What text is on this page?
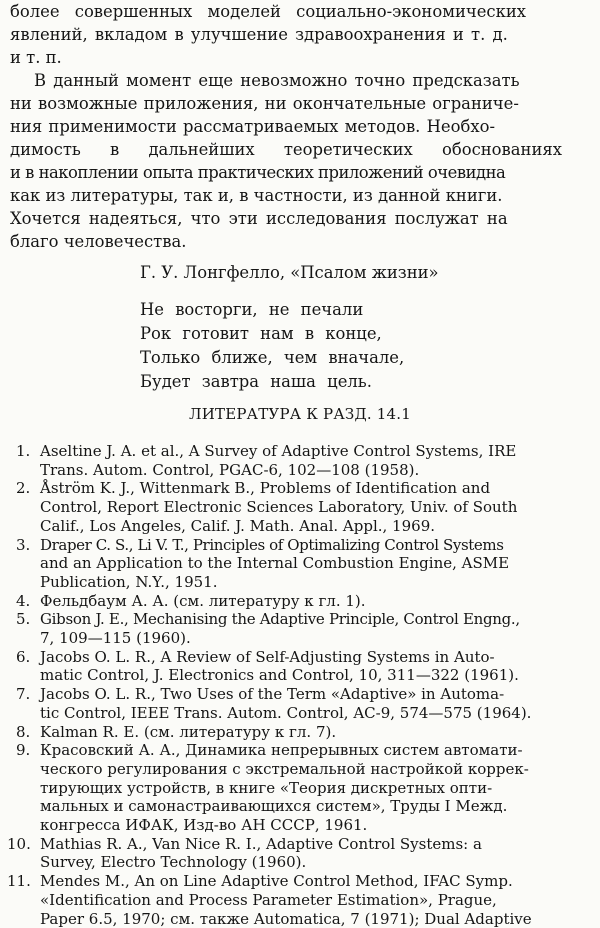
более совершенных моделей социально-экономических
явлений, вкладом в улучшение здравоохранения и т. д.
и т. п.

В данный момент еще невозможно точно предсказать
ни возможные приложения, ни окончательные ограниче-
ния применимости рассматриваемых методов. Необхо-
димость в дальнейших теоретических обоснованиях
и в накоплении опыта практических приложений очевидна
как из литературы, так и, в частности, из данной книги.
Хочется надеяться, что эти исследования послужат на
благо человечества.

Г. У. Лонгфелло, «Псалом жизни»
Не восторги, не печали
Рок готовит нам в конце,
Только ближе, чем вначале,
Будет завтра наша цель.
ЛИТЕРАТУРА К РАЗД. 14.1
1. Aseltine J. A. et al., A Survey of Adaptive Control Systems, IRE
Trans. Autom. Control, PGAC-6, 102—108 (1958).
2. Åström K. J., Wittenmark B., Problems of Identification and
Control, Report Electronic Sciences Laboratory, Univ. of South
Calif., Los Angeles, Calif. J. Math. Anal. Appl., 1969.
3. Draper C. S., Li V. T., Principles of Optimalizing Control Systems
and an Application to the Internal Combustion Engine, ASME
Publication, N.Y., 1951.
4. Фельдбаум А. А. (см. литературу к гл. 1).
5. Gibson J. E., Mechanising the Adaptive Principle, Control Engng.,
7, 109—115 (1960).
6. Jacobs O. L. R., A Review of Self-Adjusting Systems in Auto-
matic Control, J. Electronics and Control, 10, 311—322 (1961).
7. Jacobs O. L. R., Two Uses of the Term «Adaptive» in Automa-
tic Control, IEEE Trans. Autom. Control, AC-9, 574—575 (1964).
8. Kalman R. E. (см. литературу к гл. 7).
9. Красовский А. А., Динамика непрерывных систем автомати-
ческого регулирования с экстремальной настройкой коррек-
тирующих устройств, в книге «Теория дискретных опти-
мальных и самонастраивающихся систем», Труды I Межд.
конгресса ИФАК, Изд-во АН СССР, 1961.
10. Mathias R. A., Van Nice R. I., Adaptive Control Systems: a
Survey, Electro Technology (1960).
11. Mendes M., An on Line Adaptive Control Method, IFAC Symp.
«Identification and Process Parameter Estimation», Prague,
Paper 6.5, 1970; см. также Automatica, 7 (1971); Dual Adaptive
